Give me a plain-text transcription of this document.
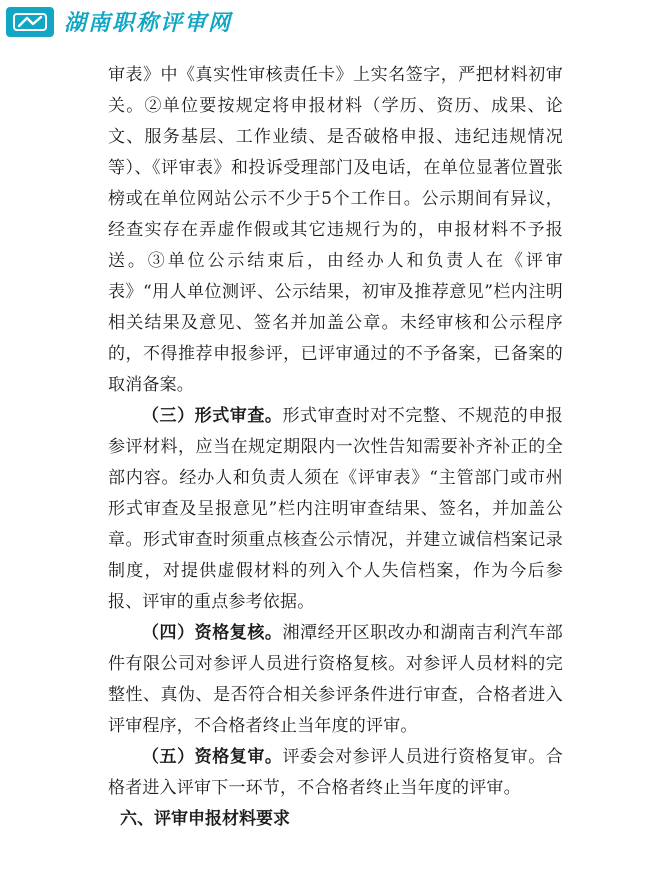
湖南职称评审网

审表》中《真实性审核责任卡》上实名签字，严把材料初审关。②单位要按规定将申报材料（学历、资历、成果、论文、服务基层、工作业绩、是否破格申报、违纪违规情况等）、《评审表》和投诉受理部门及电话，在单位显著位置张榜或在单位网站公示不少于5个工作日。公示期间有异议，经查实存在弄虚作假或其它违规行为的，申报材料不予报送。③单位公示结束后，由经办人和负责人在《评审表》“用人单位测评、公示结果，初审及推荐意见”栏内注明相关结果及意见、签名并加盖公章。未经审核和公示程序的，不得推荐申报参评，已评审通过的不予备案，已备案的取消备案。

（三）形式审查。形式审查时对不完整、不规范的申报参评材料，应当在规定期限内一次性告知需要补齐补正的全部内容。经办人和负责人须在《评审表》“主管部门或市州形式审查及呈报意见”栏内注明审查结果、签名，并加盖公章。形式审查时须重点核查公示情况，并建立诚信档案记录制度，对提供虚假材料的列入个人失信档案，作为今后参报、评审的重点参考依据。

（四）资格复核。湘潭经开区职改办和湖南吉利汽车部件有限公司对参评人员进行资格复核。对参评人员材料的完整性、真伪、是否符合相关参评条件进行审查，合格者进入评审程序，不合格者终止当年度的评审。

（五）资格复审。评委会对参评人员进行资格复审。合格者进入评审下一环节，不合格者终止当年度的评审。

六、评审申报材料要求
